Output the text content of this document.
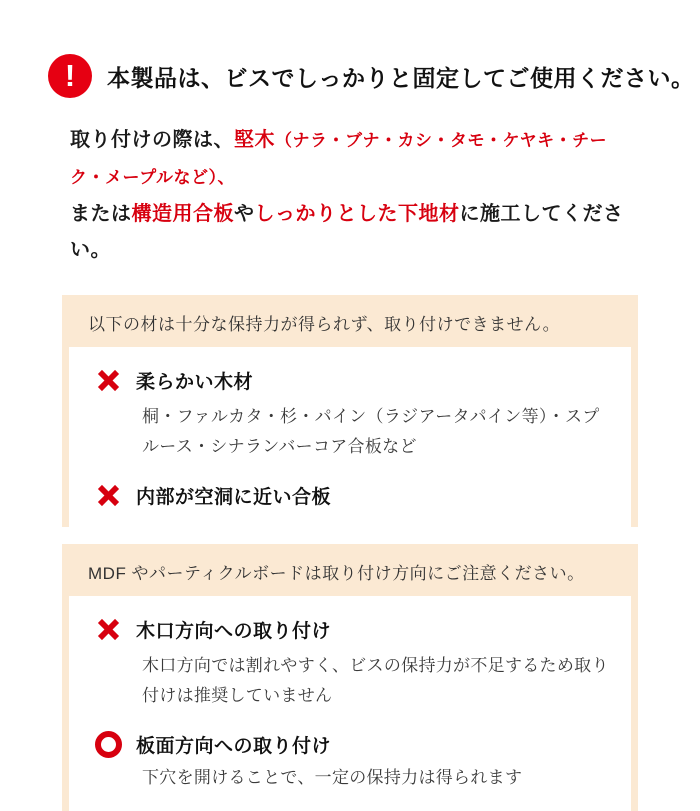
!	本製品は、ビスでしっかりと固定してご使用ください。

取り付けの際は、堅木（ナラ・ブナ・カシ・タモ・ケヤキ・チーク・メープルなど）、
または構造用合板やしっかりとした下地材に施工してください。

以下の材は十分な保持力が得られず、取り付けできません。
柔らかい木材

桐・ファルカタ・杉・パイン（ラジアータパイン等）・スプルース・シナランバーコア合板など

内部が空洞に近い合板
MDF やパーティクルボードは取り付け方向にご注意ください。
木口方向への取り付け

木口方向では割れやすく、ビスの保持力が不足するため取り付けは推奨していません

板面方向への取り付け

下穴を開けることで、一定の保持力は得られます
